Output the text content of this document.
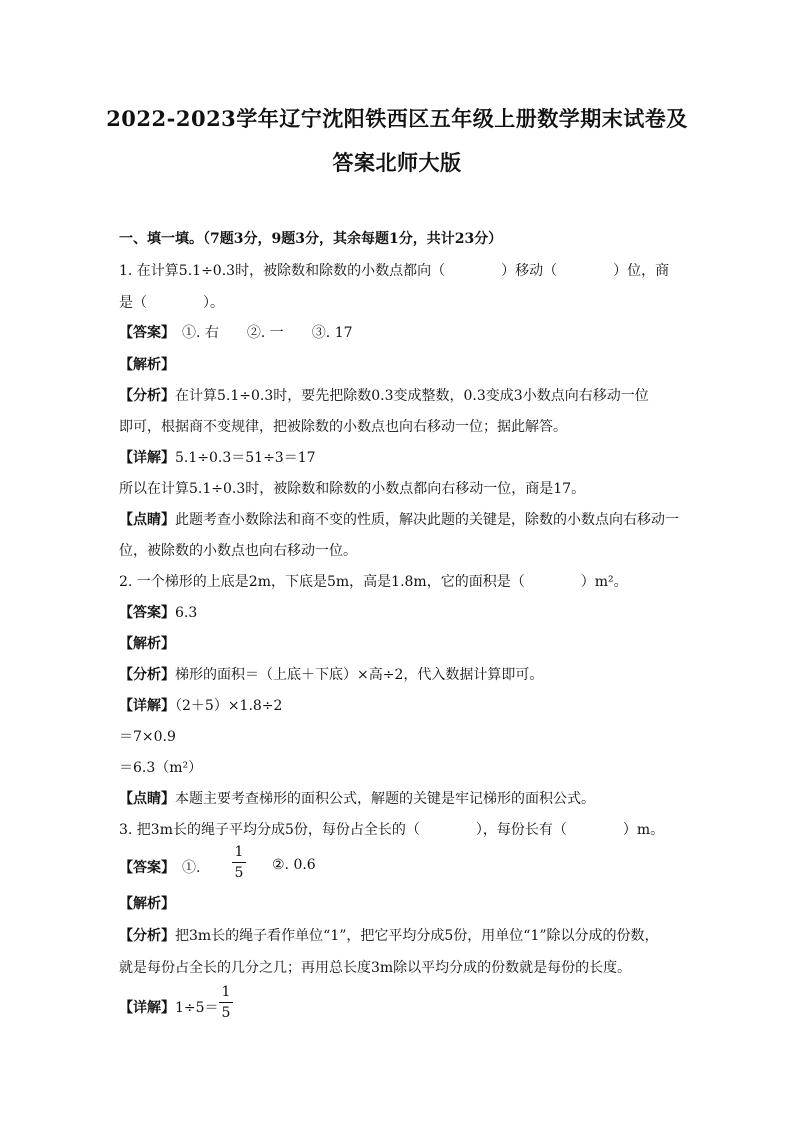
2022-2023学年辽宁沈阳铁西区五年级上册数学期末试卷及
答案北师大版
一、填一填。（7题3分，9题3分，其余每题1分，共计23分）
1. 在计算5.1÷0.3时，被除数和除数的小数点都向（　　　　）移动（　　　　）位，商
是（　　　　）。
【答案】　①. 右　　②. 一　　③. 17
【解析】
【分析】在计算5.1÷0.3时，要先把除数0.3变成整数，0.3变成3小数点向右移动一位
即可，根据商不变规律，把被除数的小数点也向右移动一位；据此解答。
【详解】5.1÷0.3＝51÷3＝17
所以在计算5.1÷0.3时，被除数和除数的小数点都向右移动一位，商是17。
【点睛】此题考查小数除法和商不变的性质，解决此题的关键是，除数的小数点向右移动一
位，被除数的小数点也向右移动一位。
2. 一个梯形的上底是2m，下底是5m，高是1.8m，它的面积是（　　　　）m²。
【答案】6.3
【解析】
【分析】梯形的面积＝（上底＋下底）×高÷2，代入数据计算即可。
【详解】（2＋5）×1.8÷2
＝7×0.9
＝6.3（m²）
【点睛】本题主要考查梯形的面积公式，解题的关键是牢记梯形的面积公式。
3. 把3m长的绳子平均分成5份，每份占全长的（　　　　），每份长有（　　　　）m。
【答案】　①.
1
5 ②. 0.6
【解析】
【分析】把3m长的绳子看作单位“1”，把它平均分成5份，用单位“1”除以分成的份数，
就是每份占全长的几分之几；再用总长度3m除以平均分成的份数就是每份的长度。
【详解】1÷5＝
1
5
